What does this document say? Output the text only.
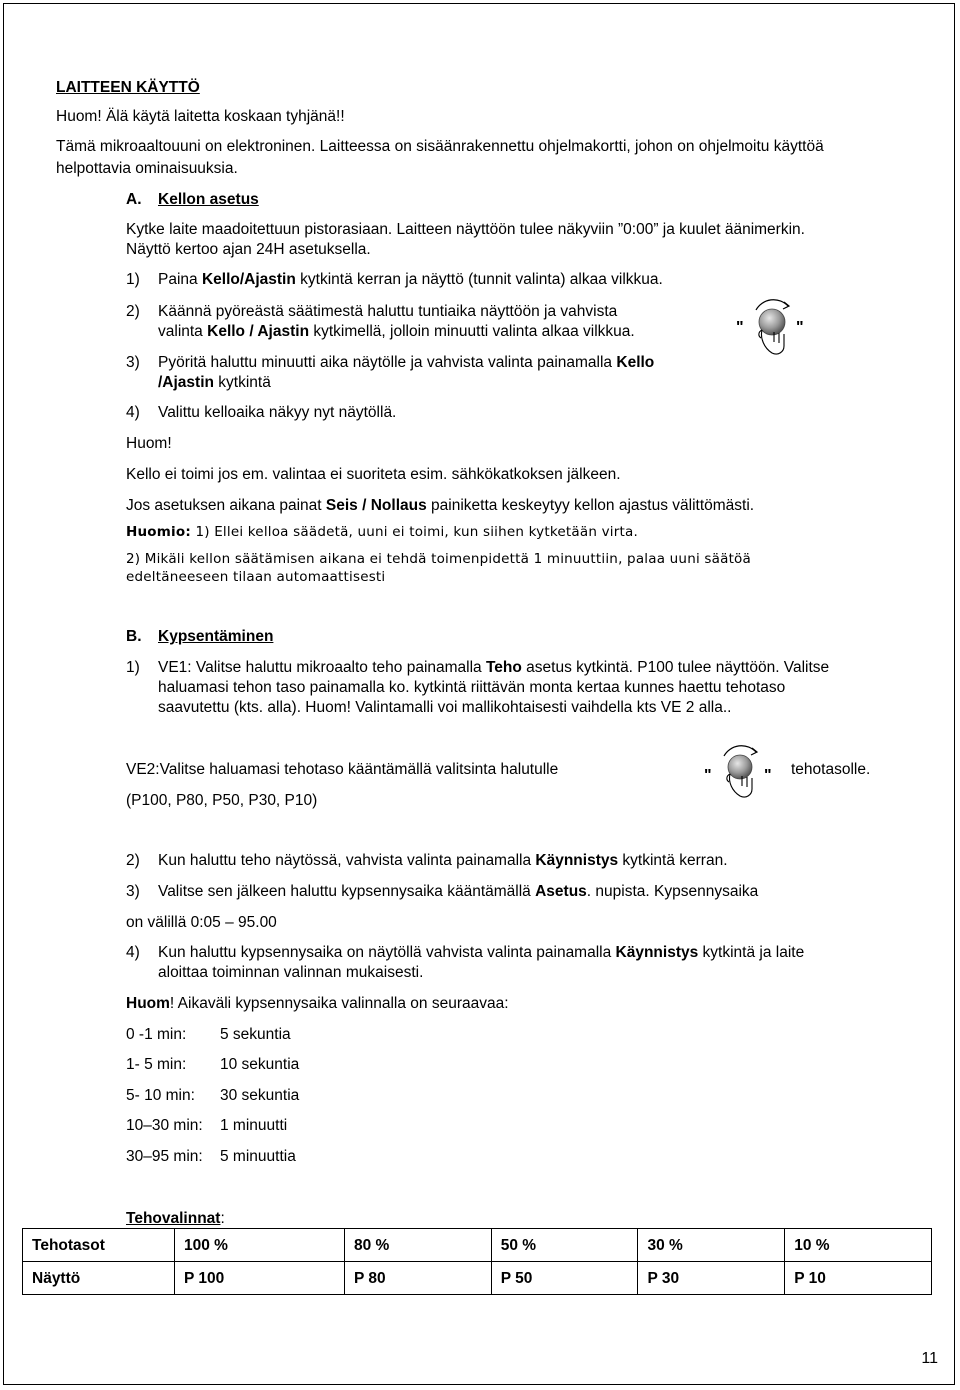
LAITTEEN KÄYTTÖ
Huom! Älä käytä laitetta koskaan tyhjänä!!
Tämä mikroaaltouuni on elektroninen. Laitteessa on sisäänrakennettu ohjelmakortti, johon on ohjelmoitu käyttöä
helpottavia ominaisuuksia.
A. Kellon asetus
Kytke laite maadoitettuun pistorasiaan. Laitteen näyttöön tulee näkyviin ”0:00” ja kuulet äänimerkin.
Näyttö kertoo ajan 24H asetuksella.
1) Paina Kello/Ajastin kytkintä kerran ja näyttö (tunnit valinta) alkaa vilkkua.
2) Käännä pyöreästä säätimestä haluttu tuntiaika näyttöön ja vahvista
valinta Kello / Ajastin kytkimellä, jolloin minuutti valinta alkaa vilkkua.	"	"
3) Pyöritä haluttu minuutti aika näytölle ja vahvista valinta painamalla Kello
/Ajastin kytkintä
4) Valittu kelloaika näkyy nyt näytöllä.
Huom!
Kello ei toimi jos em. valintaa ei suoriteta esim. sähkökatkoksen jälkeen.
Jos asetuksen aikana painat Seis / Nollaus painiketta keskeytyy kellon ajastus välittömästi.
Huomio: 1) Ellei kelloa säädetä, uuni ei toimi, kun siihen kytketään virta.
2) Mikäli kellon säätämisen aikana ei tehdä toimenpidettä 1 minuuttiin, palaa uuni säätöä
edeltäneeseen tilaan automaattisesti
B. Kypsentäminen
1) VE1: Valitse haluttu mikroaalto teho painamalla Teho asetus kytkintä. P100 tulee näyttöön. Valitse
haluamasi tehon taso painamalla ko. kytkintä riittävän monta kertaa kunnes haettu tehotaso
saavutettu (kts. alla). Huom! Valintamalli voi mallikohtaisesti vaihdella kts VE 2 alla..
VE2:Valitse haluamasi tehotaso kääntämällä valitsinta halutulle	"	" tehotasolle.
(P100, P80, P50, P30, P10)
2) Kun haluttu teho näytössä, vahvista valinta painamalla Käynnistys kytkintä kerran.
3) Valitse sen jälkeen haluttu kypsennysaika kääntämällä Asetus. nupista. Kypsennysaika
on välillä 0:05 – 95.00
4) Kun haluttu kypsennysaika on näytöllä vahvista valinta painamalla Käynnistys kytkintä ja laite
aloittaa toiminnan valinnan mukaisesti.
Huom! Aikaväli kypsennysaika valinnalla on seuraavaa:
0 -1 min: 5 sekuntia
1- 5 min: 10 sekuntia
5- 10 min: 30 sekuntia
10–30 min: 1 minuutti
30–95 min: 5 minuuttia
Tehovalinnat:
Tehotasot	100 %	80 %	50 %	30 %	10 %
Näyttö	P 100	P 80	P 50	P 30	P 10
11
